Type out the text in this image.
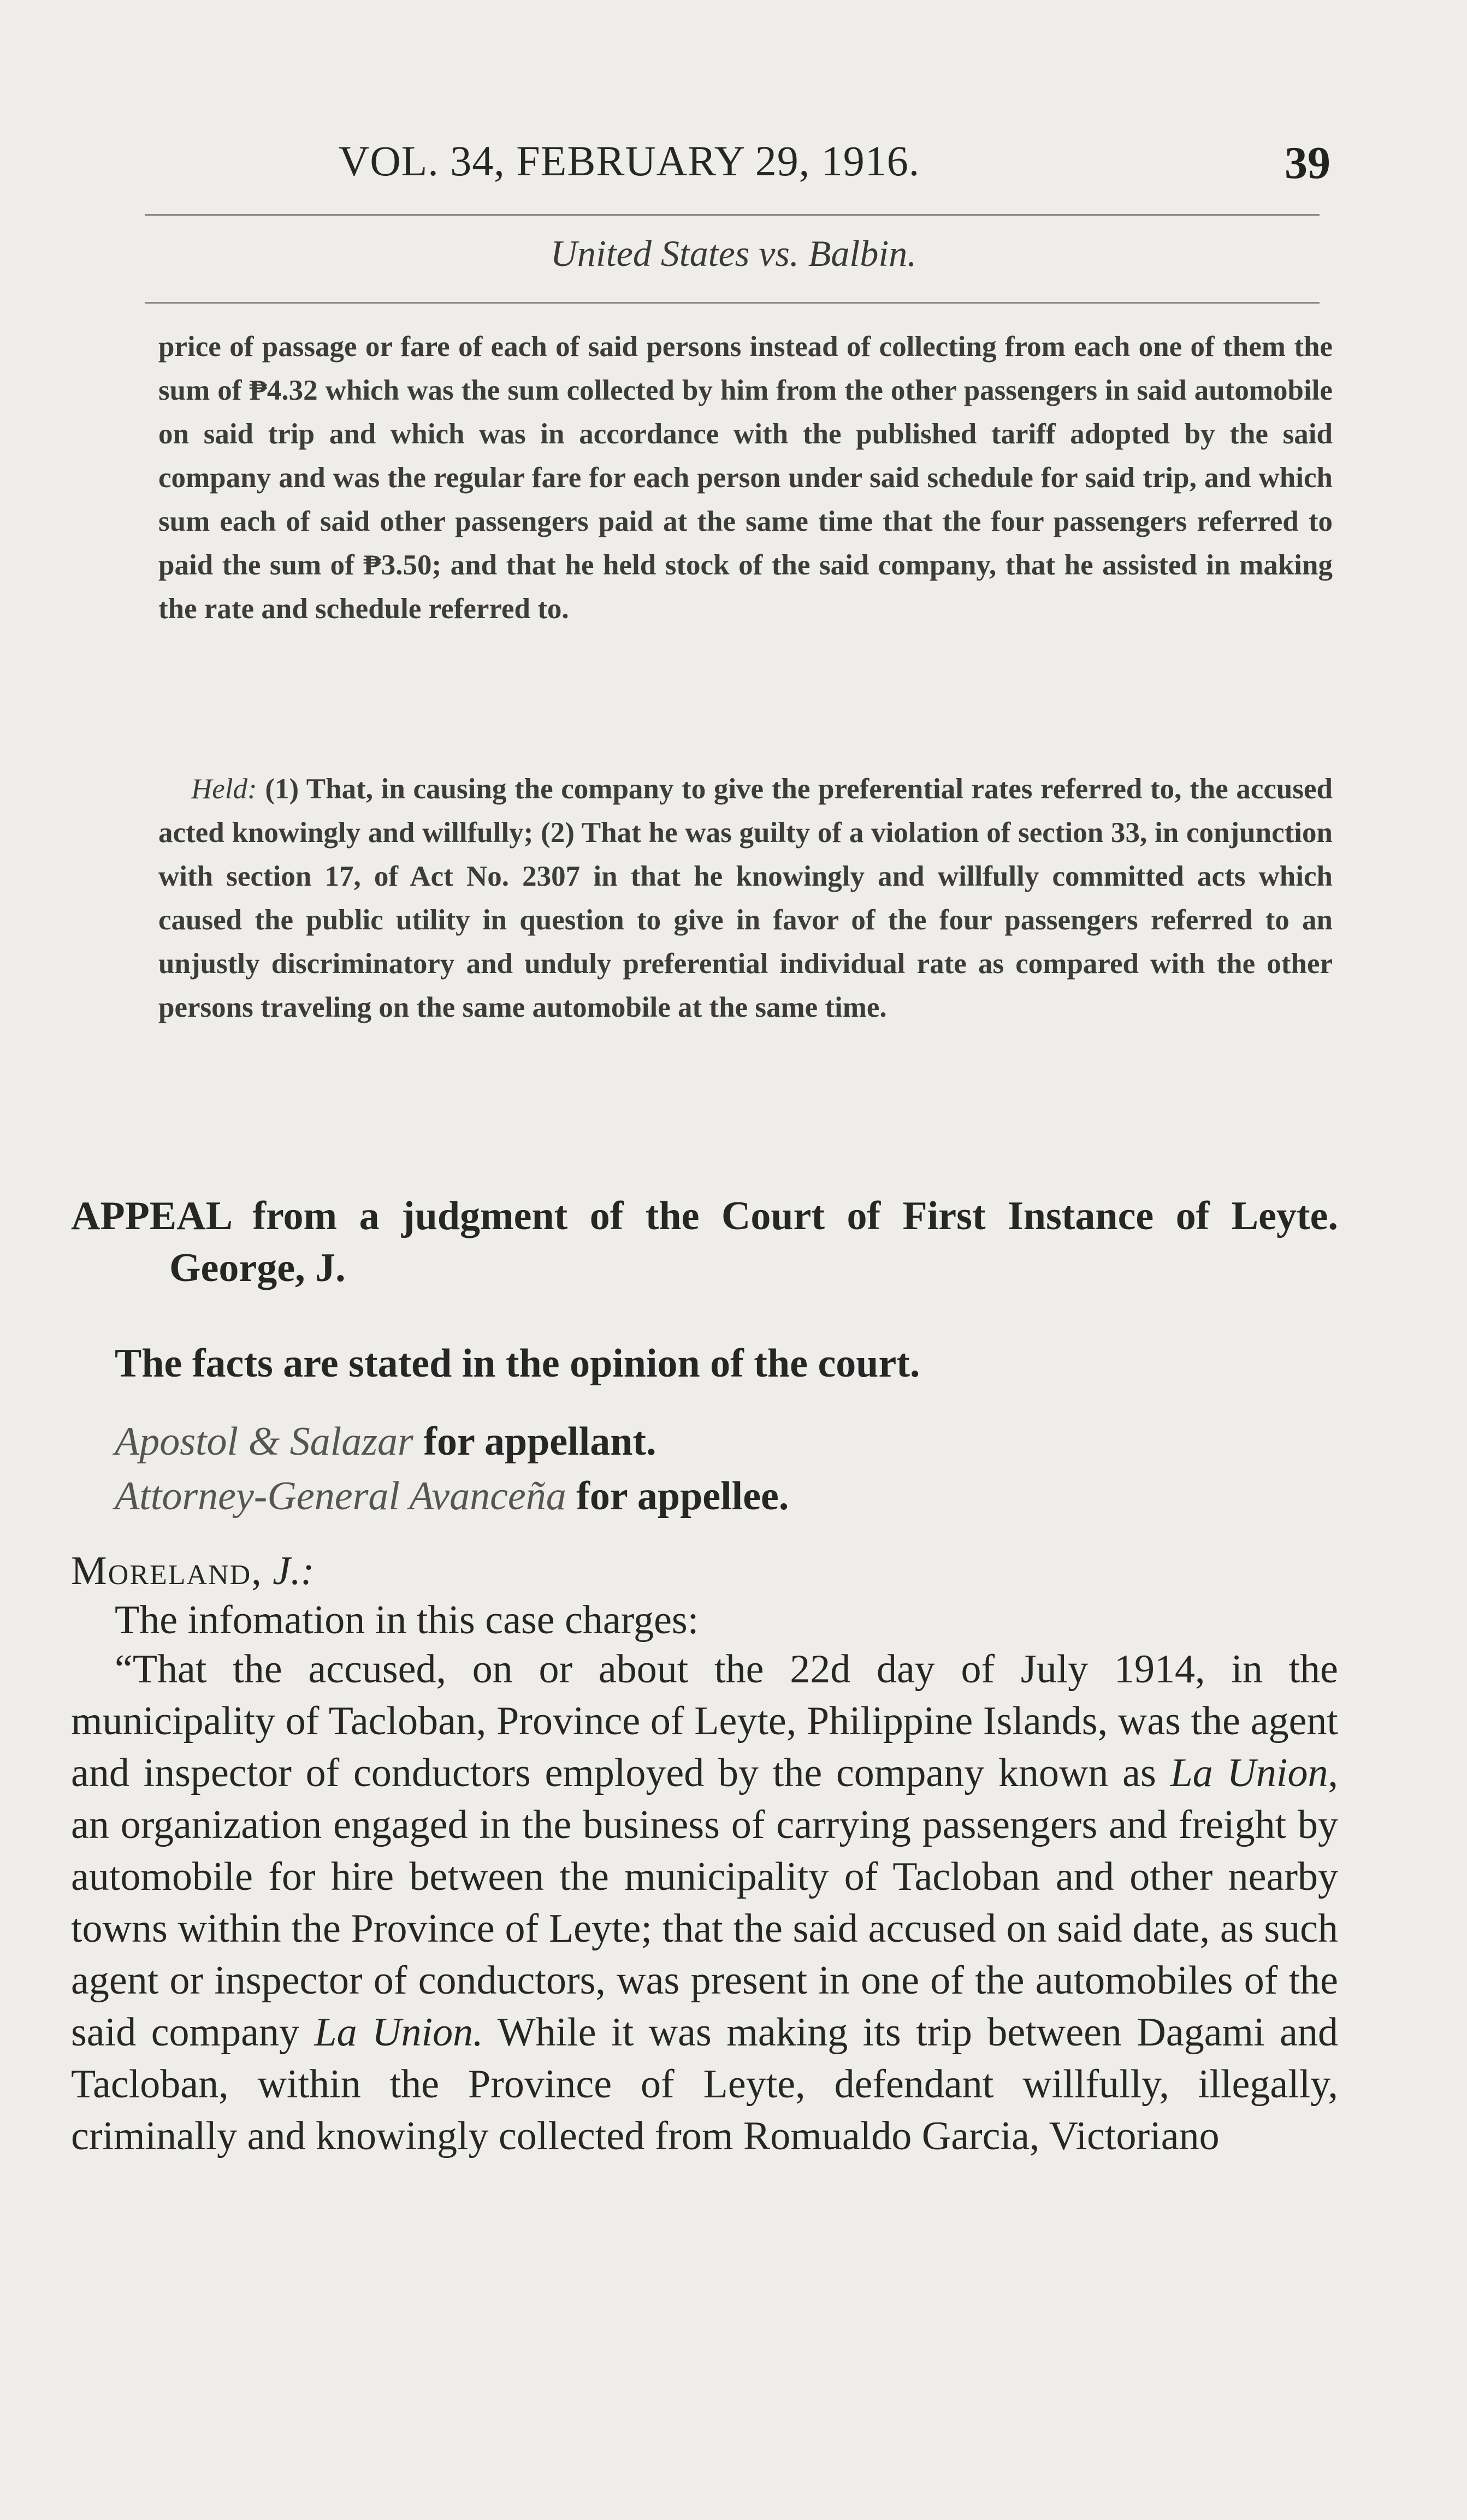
VOL. 34, FEBRUARY 29, 1916.	39
United States vs. Balbin.

price of passage or fare of each of said persons instead of collecting from each one of them the sum of ₱4.32 which was the sum collected by him from the other passengers in said automobile on said trip and which was in accordance with the published tariff adopted by the said company and was the regular fare for each person under said schedule for said trip, and which sum each of said other passengers paid at the same time that the four passengers referred to paid the sum of ₱3.50; and that he held stock of the said company, that he assisted in making the rate and schedule referred to.

Held: (1) That, in causing the company to give the preferential rates referred to, the accused acted knowingly and willfully; (2) That he was guilty of a violation of section 33, in conjunction with section 17, of Act No. 2307 in that he knowingly and willfully committed acts which caused the public utility in question to give in favor of the four passengers referred to an unjustly discriminatory and unduly preferential individual rate as compared with the other persons traveling on the same automobile at the same time.

APPEAL from a judgment of the Court of First Instance of Leyte. George, J.

The facts are stated in the opinion of the court.
Apostol & Salazar for appellant.
Attorney-General Avanceña for appellee.
Moreland, J.:
The infomation in this case charges:

“That the accused, on or about the 22d day of July 1914, in the municipality of Tacloban, Province of Leyte, Philippine Islands, was the agent and inspector of conductors employed by the company known as La Union, an organization engaged in the business of carrying passengers and freight by automobile for hire between the municipality of Tacloban and other nearby towns within the Province of Leyte; that the said accused on said date, as such agent or inspector of conductors, was present in one of the automobiles of the said company La Union. While it was making its trip between Dagami and Tacloban, within the Province of Leyte, defendant willfully, illegally, criminally and knowingly collected from Romualdo Garcia, Victoriano
